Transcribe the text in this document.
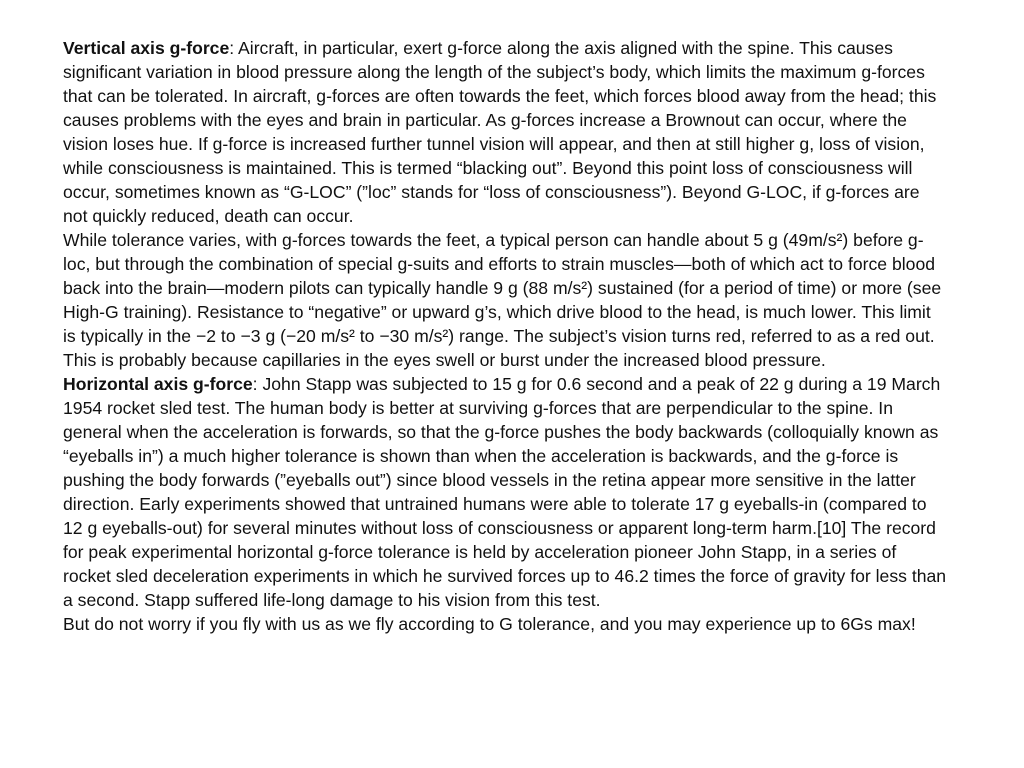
Vertical axis g-force: Aircraft, in particular, exert g-force along the axis aligned with the spine. This causes significant variation in blood pressure along the length of the subject’s body, which limits the maximum g-forces that can be tolerated. In aircraft, g-forces are often towards the feet, which forces blood away from the head; this causes problems with the eyes and brain in particular. As g-forces increase a Brownout can occur, where the vision loses hue. If g-force is increased further tunnel vision will appear, and then at still higher g, loss of vision, while consciousness is maintained. This is termed “blacking out”. Beyond this point loss of consciousness will occur, sometimes known as “G-LOC” (”loc” stands for “loss of consciousness”). Beyond G-LOC, if g-forces are not quickly reduced, death can occur.

While tolerance varies, with g-forces towards the feet, a typical person can handle about 5 g (49m/s²) before g-loc, but through the combination of special g-suits and efforts to strain muscles—both of which act to force blood back into the brain—modern pilots can typically handle 9 g (88 m/s²) sustained (for a period of time) or more (see High-G training). Resistance to “negative” or upward g’s, which drive blood to the head, is much lower. This limit is typically in the −2 to −3 g (−20 m/s² to −30 m/s²) range. The subject’s vision turns red, referred to as a red out. This is probably because capillaries in the eyes swell or burst under the increased blood pressure.

Horizontal axis g-force: John Stapp was subjected to 15 g for 0.6 second and a peak of 22 g during a 19 March 1954 rocket sled test. The human body is better at surviving g-forces that are perpendicular to the spine. In general when the acceleration is forwards, so that the g-force pushes the body backwards (colloquially known as “eyeballs in”) a much higher tolerance is shown than when the acceleration is backwards, and the g-force is pushing the body forwards (”eyeballs out”) since blood vessels in the retina appear more sensitive in the latter direction. Early experiments showed that untrained humans were able to tolerate 17 g eyeballs-in (compared to 12 g eyeballs-out) for several minutes without loss of consciousness or apparent long-term harm.[10] The record for peak experimental horizontal g-force tolerance is held by acceleration pioneer John Stapp, in a series of rocket sled deceleration experiments in which he survived forces up to 46.2 times the force of gravity for less than a second. Stapp suffered life-long damage to his vision from this test.

But do not worry if you fly with us as we fly according to G tolerance, and you may experience up to 6Gs max!
